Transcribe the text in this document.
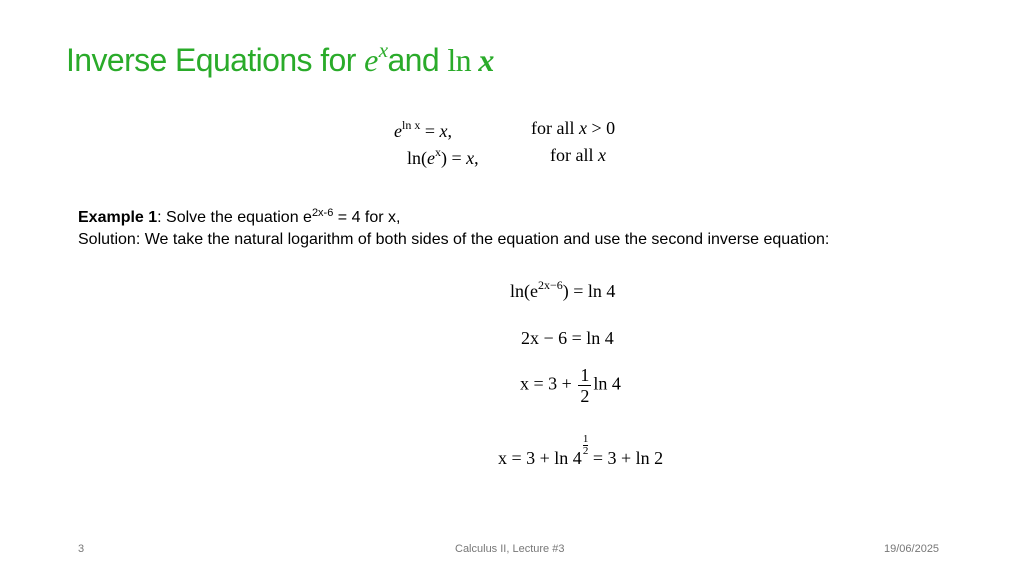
Inverse Equations for $e^xand$ ln x
$e^{ln x} = x$,	for all x > 0
$\ln(e^x) = x$,	for all x
Example 1: Solve the equation $e^{2x-6} = 4$ for x,
Solution: We take the natural logarithm of both sides of the equation and use the second inverse equation:
$\ln(e^{2x-6}) = \ln 4$
2x − 6 = ln 4
$x = 3 + \frac{1}{2}$ ln 4
x = 3 + ln 4
$\frac{1}{2}$
= 3 + ln 2
3	Calculus II, Lecture #3	19/06/2025
